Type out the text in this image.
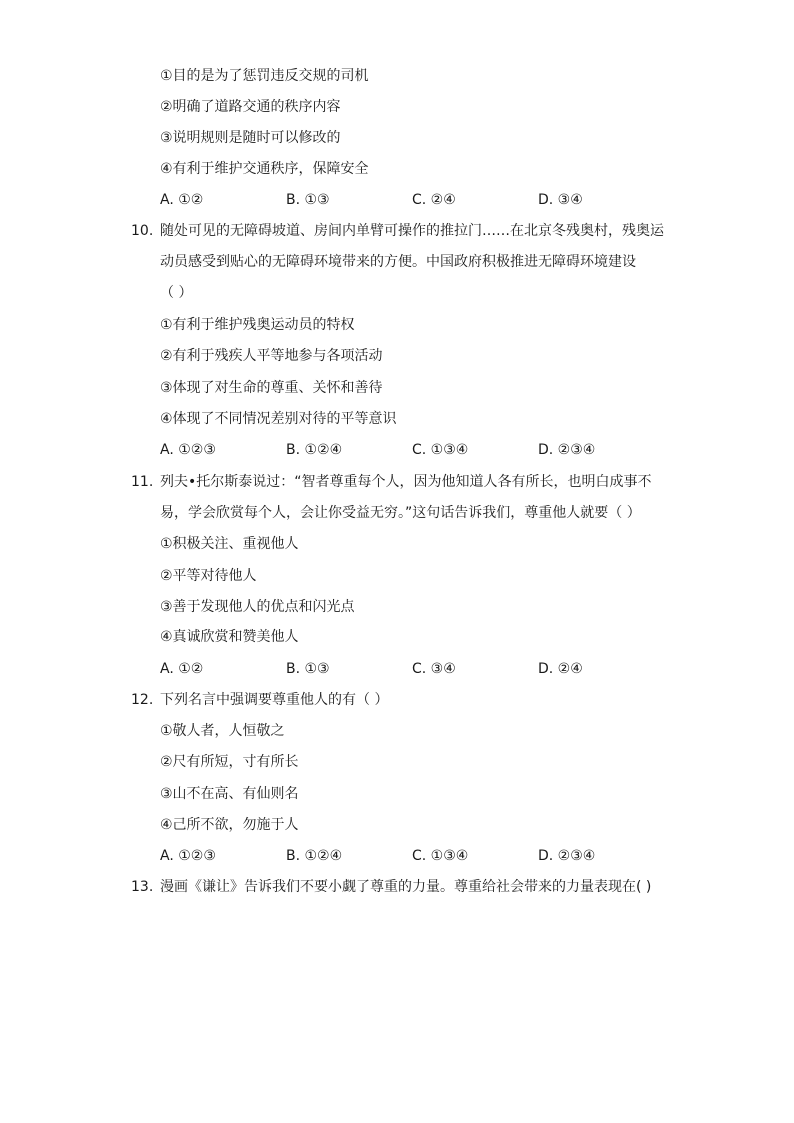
①目的是为了惩罚违反交规的司机
②明确了道路交通的秩序内容
③说明规则是随时可以修改的
④有利于维护交通秩序，保障安全
A. ①②	B. ①③	C. ②④	D. ③④
10. 随处可见的无障碍坡道、房间内单臂可操作的推拉门……在北京冬残奥村，残奥运
动员感受到贴心的无障碍环境带来的方便。中国政府积极推进无障碍环境建设
（ ）
①有利于维护残奥运动员的特权
②有利于残疾人平等地参与各项活动
③体现了对生命的尊重、关怀和善待
④体现了不同情况差别对待的平等意识
A. ①②③	B. ①②④	C. ①③④	D. ②③④
11. 列夫•托尔斯泰说过：“智者尊重每个人，因为他知道人各有所长，也明白成事不
易，学会欣赏每个人，会让你受益无穷。”这句话告诉我们，尊重他人就要（ ）
①积极关注、重视他人
②平等对待他人
③善于发现他人的优点和闪光点
④真诚欣赏和赞美他人
A. ①②	B. ①③	C. ③④	D. ②④
12. 下列名言中强调要尊重他人的有（ ）
①敬人者，人恒敬之
②尺有所短，寸有所长
③山不在高、有仙则名
④己所不欲，勿施于人
A. ①②③	B. ①②④	C. ①③④	D. ②③④
13. 漫画《谦让》告诉我们不要小觑了尊重的力量。尊重给社会带来的力量表现在( )
